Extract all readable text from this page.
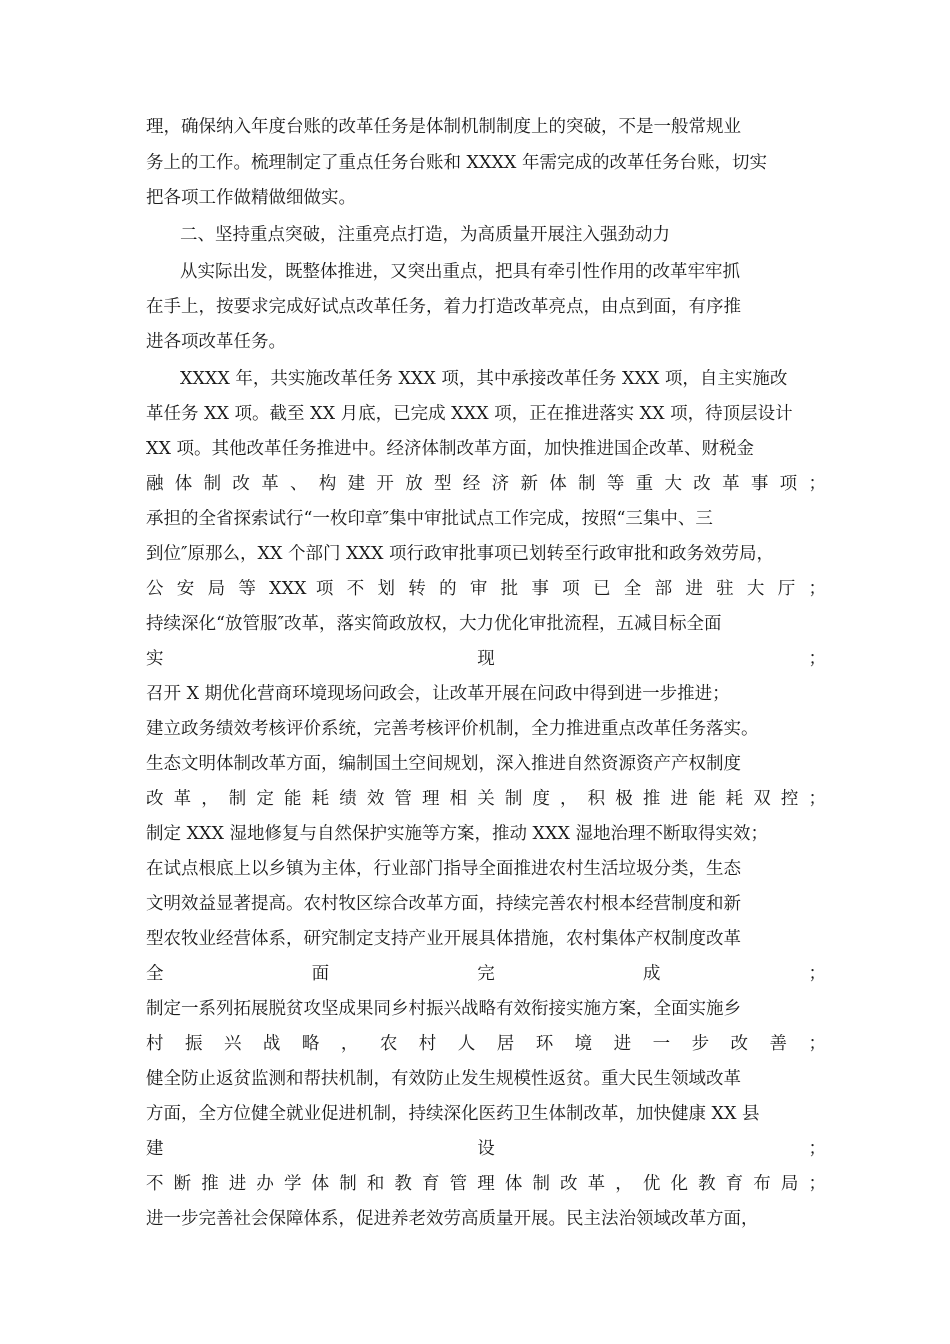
理，确保纳入年度台账的改革任务是体制机制制度上的突破，不是一般常规业
务上的工作。梳理制定了重点任务台账和 XXXX 年需完成的改革任务台账，切实
把各项工作做精做细做实。
二、坚持重点突破，注重亮点打造，为高质量开展注入强劲动力
从实际出发，既整体推进，又突出重点，把具有牵引性作用的改革牢牢抓
在手上，按要求完成好试点改革任务，着力打造改革亮点，由点到面，有序推
进各项改革任务。
XXXX 年，共实施改革任务 XXX 项，其中承接改革任务 XXX 项，自主实施改
革任务 XX 项。截至 XX 月底，已完成 XXX 项，正在推进落实 XX 项，待顶层设计
XX 项。其他改革任务推进中。经济体制改革方面，加快推进国企改革、财税金
融 体 制 改 革 、 构 建 开 放 型 经 济 新 体 制 等 重 大 改 革 事 项 ；
承担的全省探索试行“一枚印章″集中审批试点工作完成，按照“三集中、三
到位″原那么，XX 个部门 XXX 项行政审批事项已划转至行政审批和政务效劳局，
公 安 局 等 XXX 项 不 划 转 的 审 批 事 项 已 全 部 进 驻 大 厅 ；
持续深化“放管服″改革，落实简政放权，大力优化审批流程，五减目标全面
实 现 ；
召开 X 期优化营商环境现场问政会，让改革开展在问政中得到进一步推进；
建立政务绩效考核评价系统，完善考核评价机制，全力推进重点改革任务落实。
生态文明体制改革方面，编制国土空间规划，深入推进自然资源资产产权制度
改 革 ， 制 定 能 耗 绩 效 管 理 相 关 制 度 ， 积 极 推 进 能 耗 双 控 ；
制定 XXX 湿地修复与自然保护实施等方案，推动 XXX 湿地治理不断取得实效；
在试点根底上以乡镇为主体，行业部门指导全面推进农村生活垃圾分类，生态
文明效益显著提高。农村牧区综合改革方面，持续完善农村根本经营制度和新
型农牧业经营体系，研究制定支持产业开展具体措施，农村集体产权制度改革
全 面 完 成 ；
制定一系列拓展脱贫攻坚成果同乡村振兴战略有效衔接实施方案，全面实施乡
村 振 兴 战 略 ， 农 村 人 居 环 境 进 一 步 改 善 ；
健全防止返贫监测和帮扶机制，有效防止发生规模性返贫。重大民生领域改革
方面，全方位健全就业促进机制，持续深化医药卫生体制改革，加快健康 XX 县
建 设 ；
不 断 推 进 办 学 体 制 和 教 育 管 理 体 制 改 革 ， 优 化 教 育 布 局 ；
进一步完善社会保障体系，促进养老效劳高质量开展。民主法治领域改革方面，
